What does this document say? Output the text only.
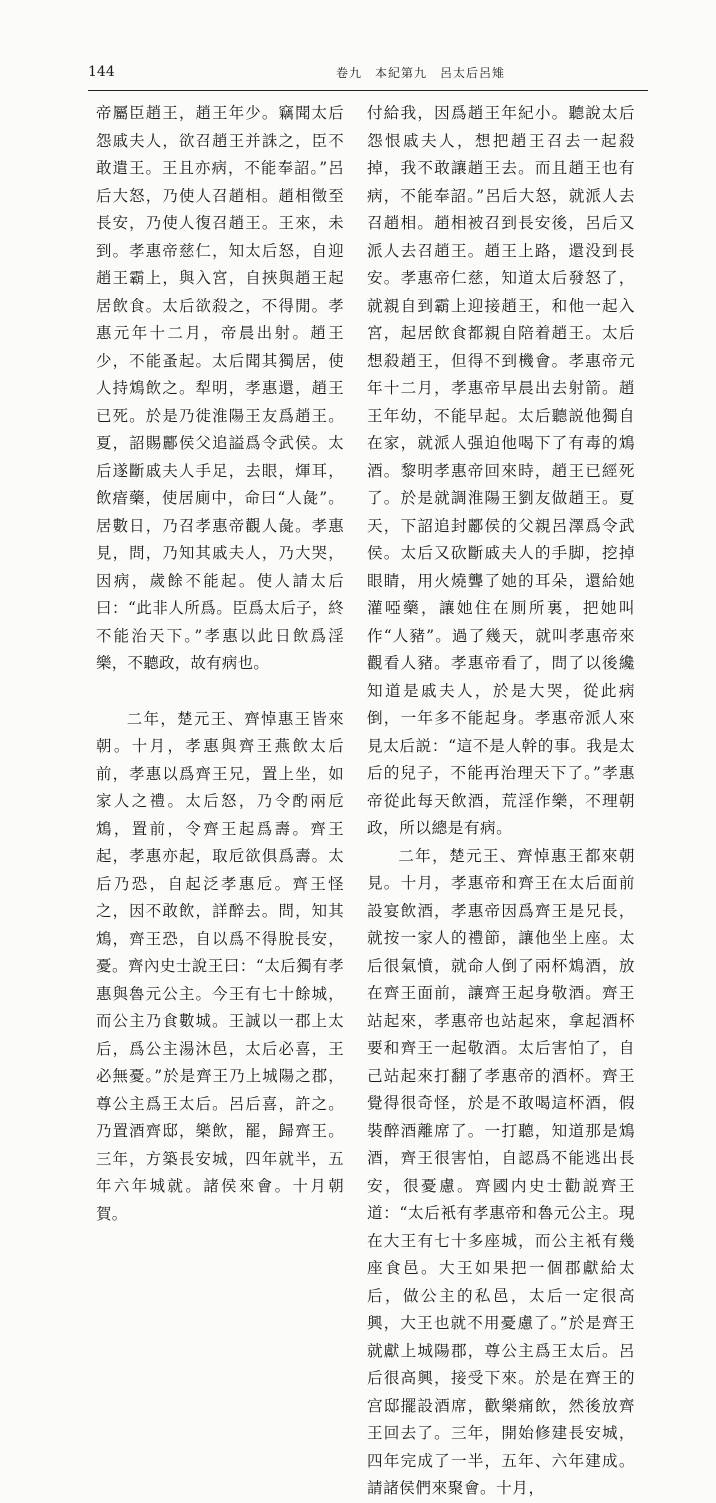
144	卷九　本紀第九　呂太后呂雉

帝屬臣趙王，趙王年少。竊聞太后怨戚夫人，欲召趙王并誅之，臣不敢遣王。王且亦病，不能奉詔。”呂后大怒，乃使人召趙相。趙相徵至長安，乃使人復召趙王。王來，未到。孝惠帝慈仁，知太后怒，自迎趙王霸上，與入宮，自挾與趙王起居飲食。太后欲殺之，不得閒。孝惠元年十二月，帝晨出射。趙王少，不能蚤起。太后聞其獨居，使人持鴆飲之。犁明，孝惠還，趙王已死。於是乃徙淮陽王友爲趙王。夏，詔賜酈侯父追謚爲令武侯。太后遂斷戚夫人手足，去眼，煇耳，飲瘖藥，使居廁中，命曰“人彘”。居數日，乃召孝惠帝觀人彘。孝惠見，問，乃知其戚夫人，乃大哭，因病，歲餘不能起。使人請太后曰：“此非人所爲。臣爲太后子，終不能治天下。”孝惠以此日飲爲淫樂，不聽政，故有病也。

二年，楚元王、齊悼惠王皆來朝。十月，孝惠與齊王燕飲太后前，孝惠以爲齊王兄，置上坐，如家人之禮。太后怒，乃令酌兩卮鴆，置前，令齊王起爲壽。齊王起，孝惠亦起，取卮欲俱爲壽。太后乃恐，自起泛孝惠卮。齊王怪之，因不敢飲，詳醉去。問，知其鴆，齊王恐，自以爲不得脫長安，憂。齊內史士說王曰：“太后獨有孝惠與魯元公主。今王有七十餘城，而公主乃食數城。王誠以一郡上太后，爲公主湯沐邑，太后必喜，王必無憂。”於是齊王乃上城陽之郡，尊公主爲王太后。呂后喜，許之。乃置酒齊邸，樂飲，罷，歸齊王。三年，方築長安城，四年就半，五年六年城就。諸侯來會。十月朝賀。

付給我，因爲趙王年紀小。聽說太后怨恨戚夫人，想把趙王召去一起殺掉，我不敢讓趙王去。而且趙王也有病，不能奉詔。”呂后大怒，就派人去召趙相。趙相被召到長安後，呂后又派人去召趙王。趙王上路，還没到長安。孝惠帝仁慈，知道太后發怒了，就親自到霸上迎接趙王，和他一起入宮，起居飲食都親自陪着趙王。太后想殺趙王，但得不到機會。孝惠帝元年十二月，孝惠帝早晨出去射箭。趙王年幼，不能早起。太后聽説他獨自在家，就派人强迫他喝下了有毒的鴆酒。黎明孝惠帝回來時，趙王已經死了。於是就調淮陽王劉友做趙王。夏天，下詔追封酈侯的父親呂澤爲令武侯。太后又砍斷戚夫人的手脚，挖掉眼睛，用火燒聾了她的耳朵，還給她灌啞藥，讓她住在厠所裏，把她叫作“人豬”。過了幾天，就叫孝惠帝來觀看人豬。孝惠帝看了，問了以後纔知道是戚夫人，於是大哭，從此病倒，一年多不能起身。孝惠帝派人來見太后説：“這不是人幹的事。我是太后的兒子，不能再治理天下了。”孝惠帝從此每天飲酒，荒淫作樂，不理朝政，所以總是有病。

二年，楚元王、齊悼惠王都來朝見。十月，孝惠帝和齊王在太后面前設宴飲酒，孝惠帝因爲齊王是兄長，就按一家人的禮節，讓他坐上座。太后很氣憤，就命人倒了兩杯鴆酒，放在齊王面前，讓齊王起身敬酒。齊王站起來，孝惠帝也站起來，拿起酒杯要和齊王一起敬酒。太后害怕了，自己站起來打翻了孝惠帝的酒杯。齊王覺得很奇怪，於是不敢喝這杯酒，假裝醉酒離席了。一打聽，知道那是鴆酒，齊王很害怕，自認爲不能逃出長安，很憂慮。齊國内史士勸説齊王道：“太后衹有孝惠帝和魯元公主。現在大王有七十多座城，而公主衹有幾座食邑。大王如果把一個郡獻給太后，做公主的私邑，太后一定很高興，大王也就不用憂慮了。”於是齊王就獻上城陽郡，尊公主爲王太后。呂后很高興，接受下來。於是在齊王的宫邸擺設酒席，歡樂痛飲，然後放齊王回去了。三年，開始修建長安城，四年完成了一半，五年、六年建成。請諸侯們來聚會。十月，
